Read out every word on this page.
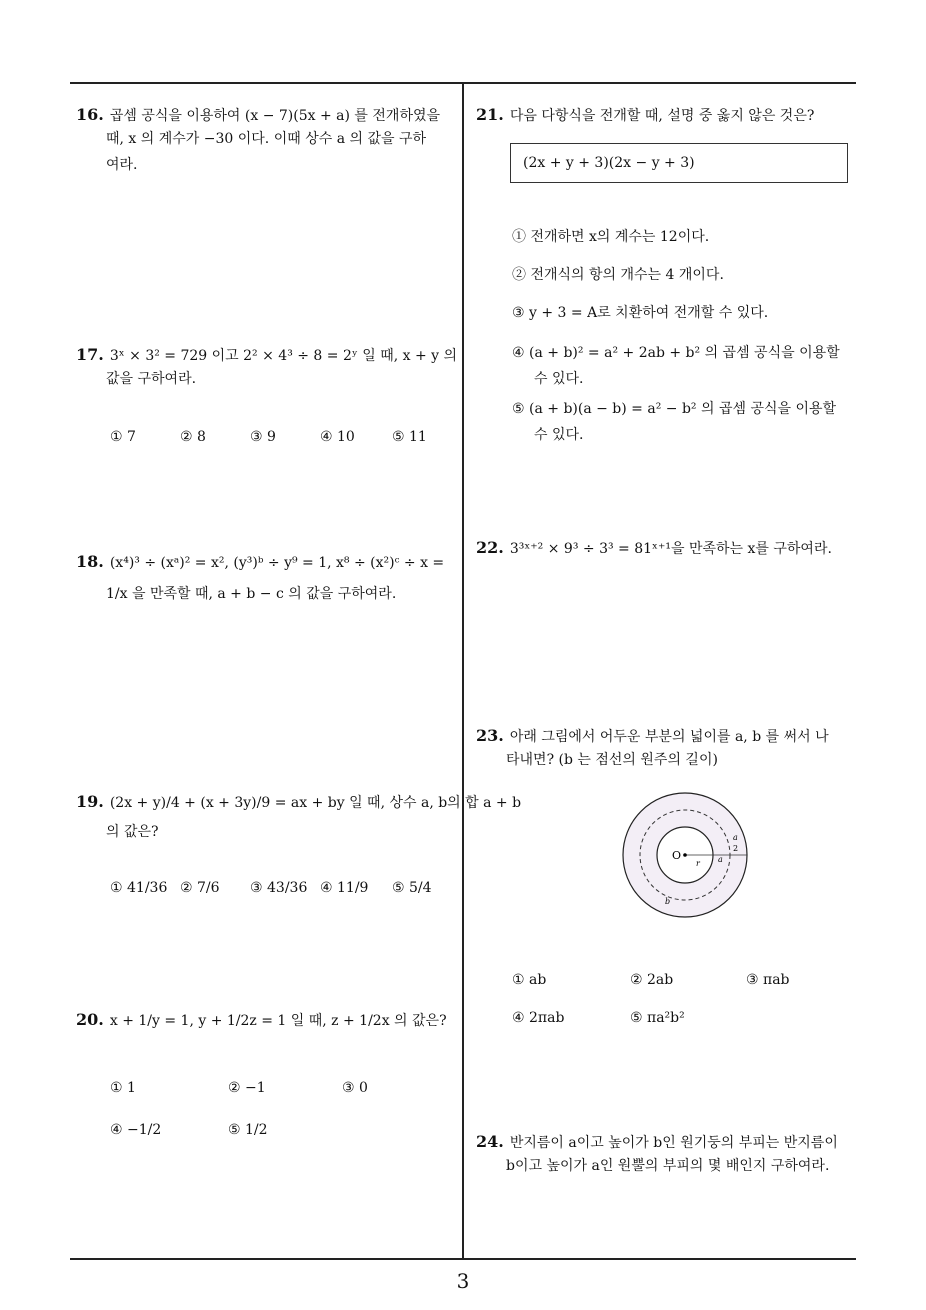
16. 곱셈 공식을 이용하여 (x − 7)(5x + a) 를 전개하였을
때, x 의 계수가 −30 이다. 이때 상수 a 의 값을 구하
여라.
17. 3ˣ × 3² = 729 이고 2² × 4³ ÷ 8 = 2ʸ 일 때, x + y 의
값을 구하여라.
① 7	② 8	③ 9	④ 10	⑤ 11
18. (x⁴)³ ÷ (xᵃ)² = x², (y³)ᵇ ÷ y⁹ = 1, x⁸ ÷ (x²)ᶜ ÷ x =
1/x 을 만족할 때, a + b − c 의 값을 구하여라.
19. (2x + y)/4 + (x + 3y)/9 = ax + by 일 때, 상수 a, b의 합 a + b
의 값은?
① 41/36 ② 7/6 ③ 43/36 ④ 11/9 ⑤ 5/4
20. x + 1/y = 1, y + 1/2z = 1 일 때, z + 1/2x 의 값은?
① 1	② −1	③ 0
④ −1/2	⑤ 1/2
21. 다음 다항식을 전개할 때, 설명 중 옳지 않은 것은?
(2x + y + 3)(2x − y + 3)
① 전개하면 x의 계수는 12이다.
② 전개식의 항의 개수는 4 개이다.
③ y + 3 = A로 치환하여 전개할 수 있다.
④ (a + b)² = a² + 2ab + b² 의 곱셈 공식을 이용할
수 있다.
⑤ (a + b)(a − b) = a² − b² 의 곱셈 공식을 이용할
수 있다.
22. 3³ˣ⁺² × 9³ ÷ 3³ = 81ˣ⁺¹을 만족하는 x를 구하여라.
23. 아래 그림에서 어두운 부분의 넓이를 a, b 를 써서 나
타내면? (b 는 점선의 원주의 길이)
O
r a
a
2
b
① ab	② 2ab	③ πab
④ 2πab	⑤ πa²b²
24. 반지름이 a이고 높이가 b인 원기둥의 부피는 반지름이
b이고 높이가 a인 원뿔의 부피의 몇 배인지 구하여라.
3
